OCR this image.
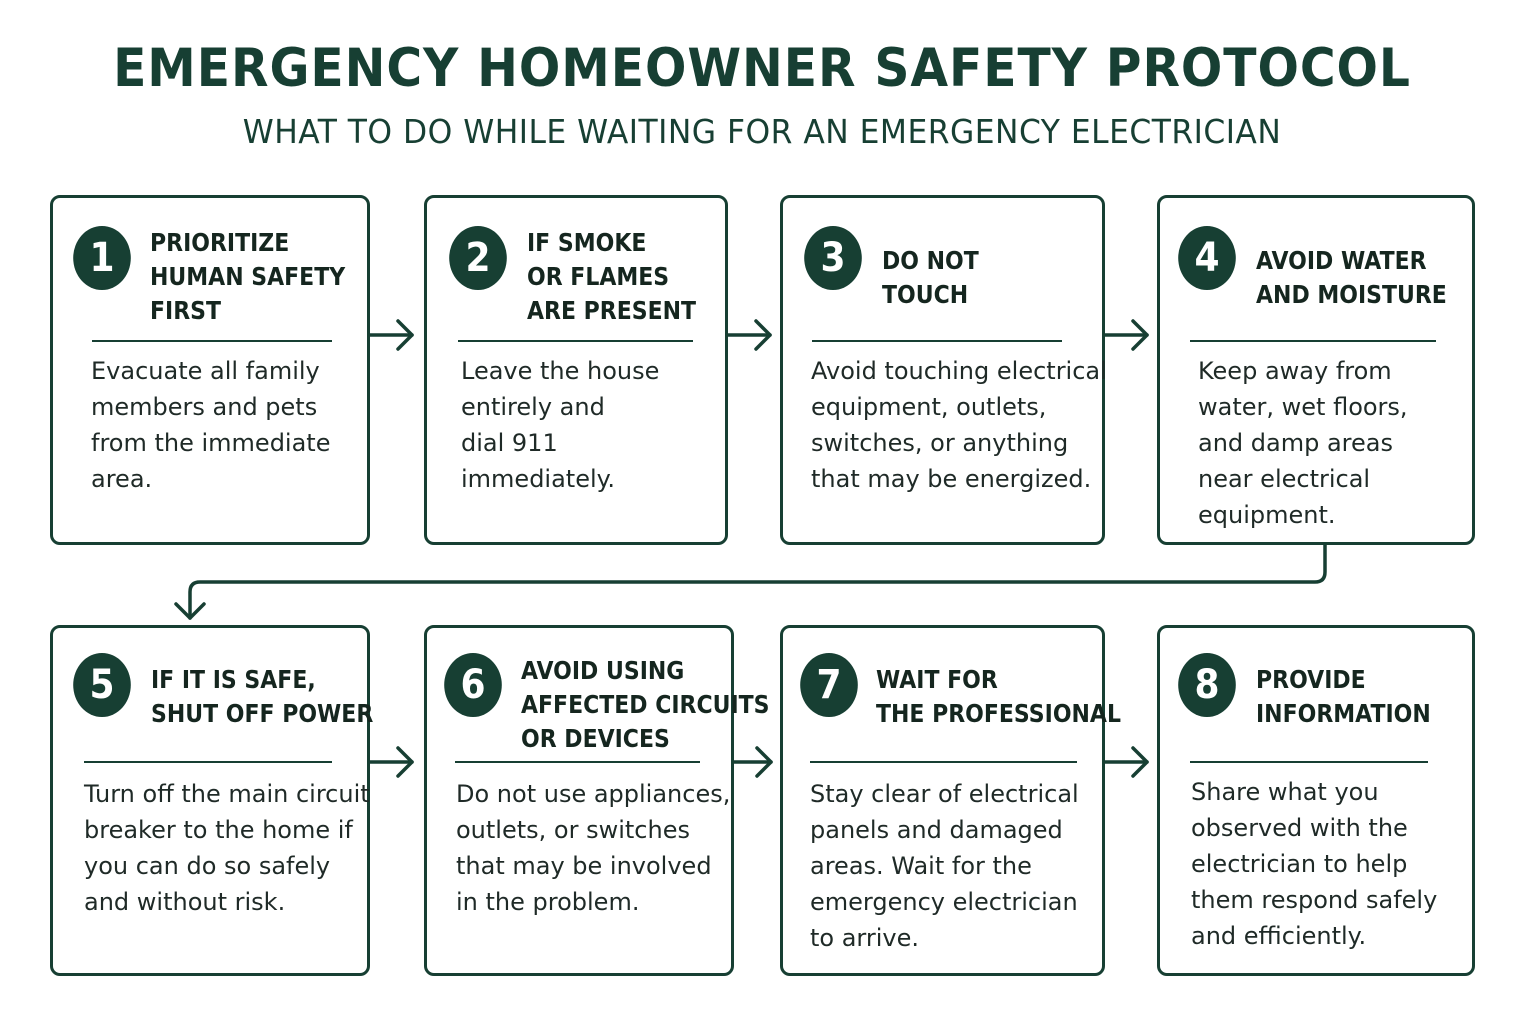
EMERGENCY HOMEOWNER SAFETY PROTOCOL
WHAT TO DO WHILE WAITING FOR AN EMERGENCY ELECTRICIAN
1	PRIORITIZE
HUMAN SAFETY
FIRST
Evacuate all family
members and pets
from the immediate
area.
2	IF SMOKE
OR FLAMES
ARE PRESENT
Leave the house
entirely and
dial 911
immediately.
3	DO NOT
TOUCH
Avoid touching electrical
equipment, outlets,
switches, or anything
that may be energized.
4	AVOID WATER
AND MOISTURE
Keep away from
water, wet floors,
and damp areas
near electrical
equipment.
5	IF IT IS SAFE,
SHUT OFF POWER
Turn off the main circuit
breaker to the home if
you can do so safely
and without risk.
6	AVOID USING
AFFECTED CIRCUITS
OR DEVICES
Do not use appliances,
outlets, or switches
that may be involved
in the problem.
7	WAIT FOR
THE PROFESSIONAL
Stay clear of electrical
panels and damaged
areas. Wait for the
emergency electrician
to arrive.
8	PROVIDE
INFORMATION
Share what you
observed with the
electrician to help
them respond safely
and efficiently.
